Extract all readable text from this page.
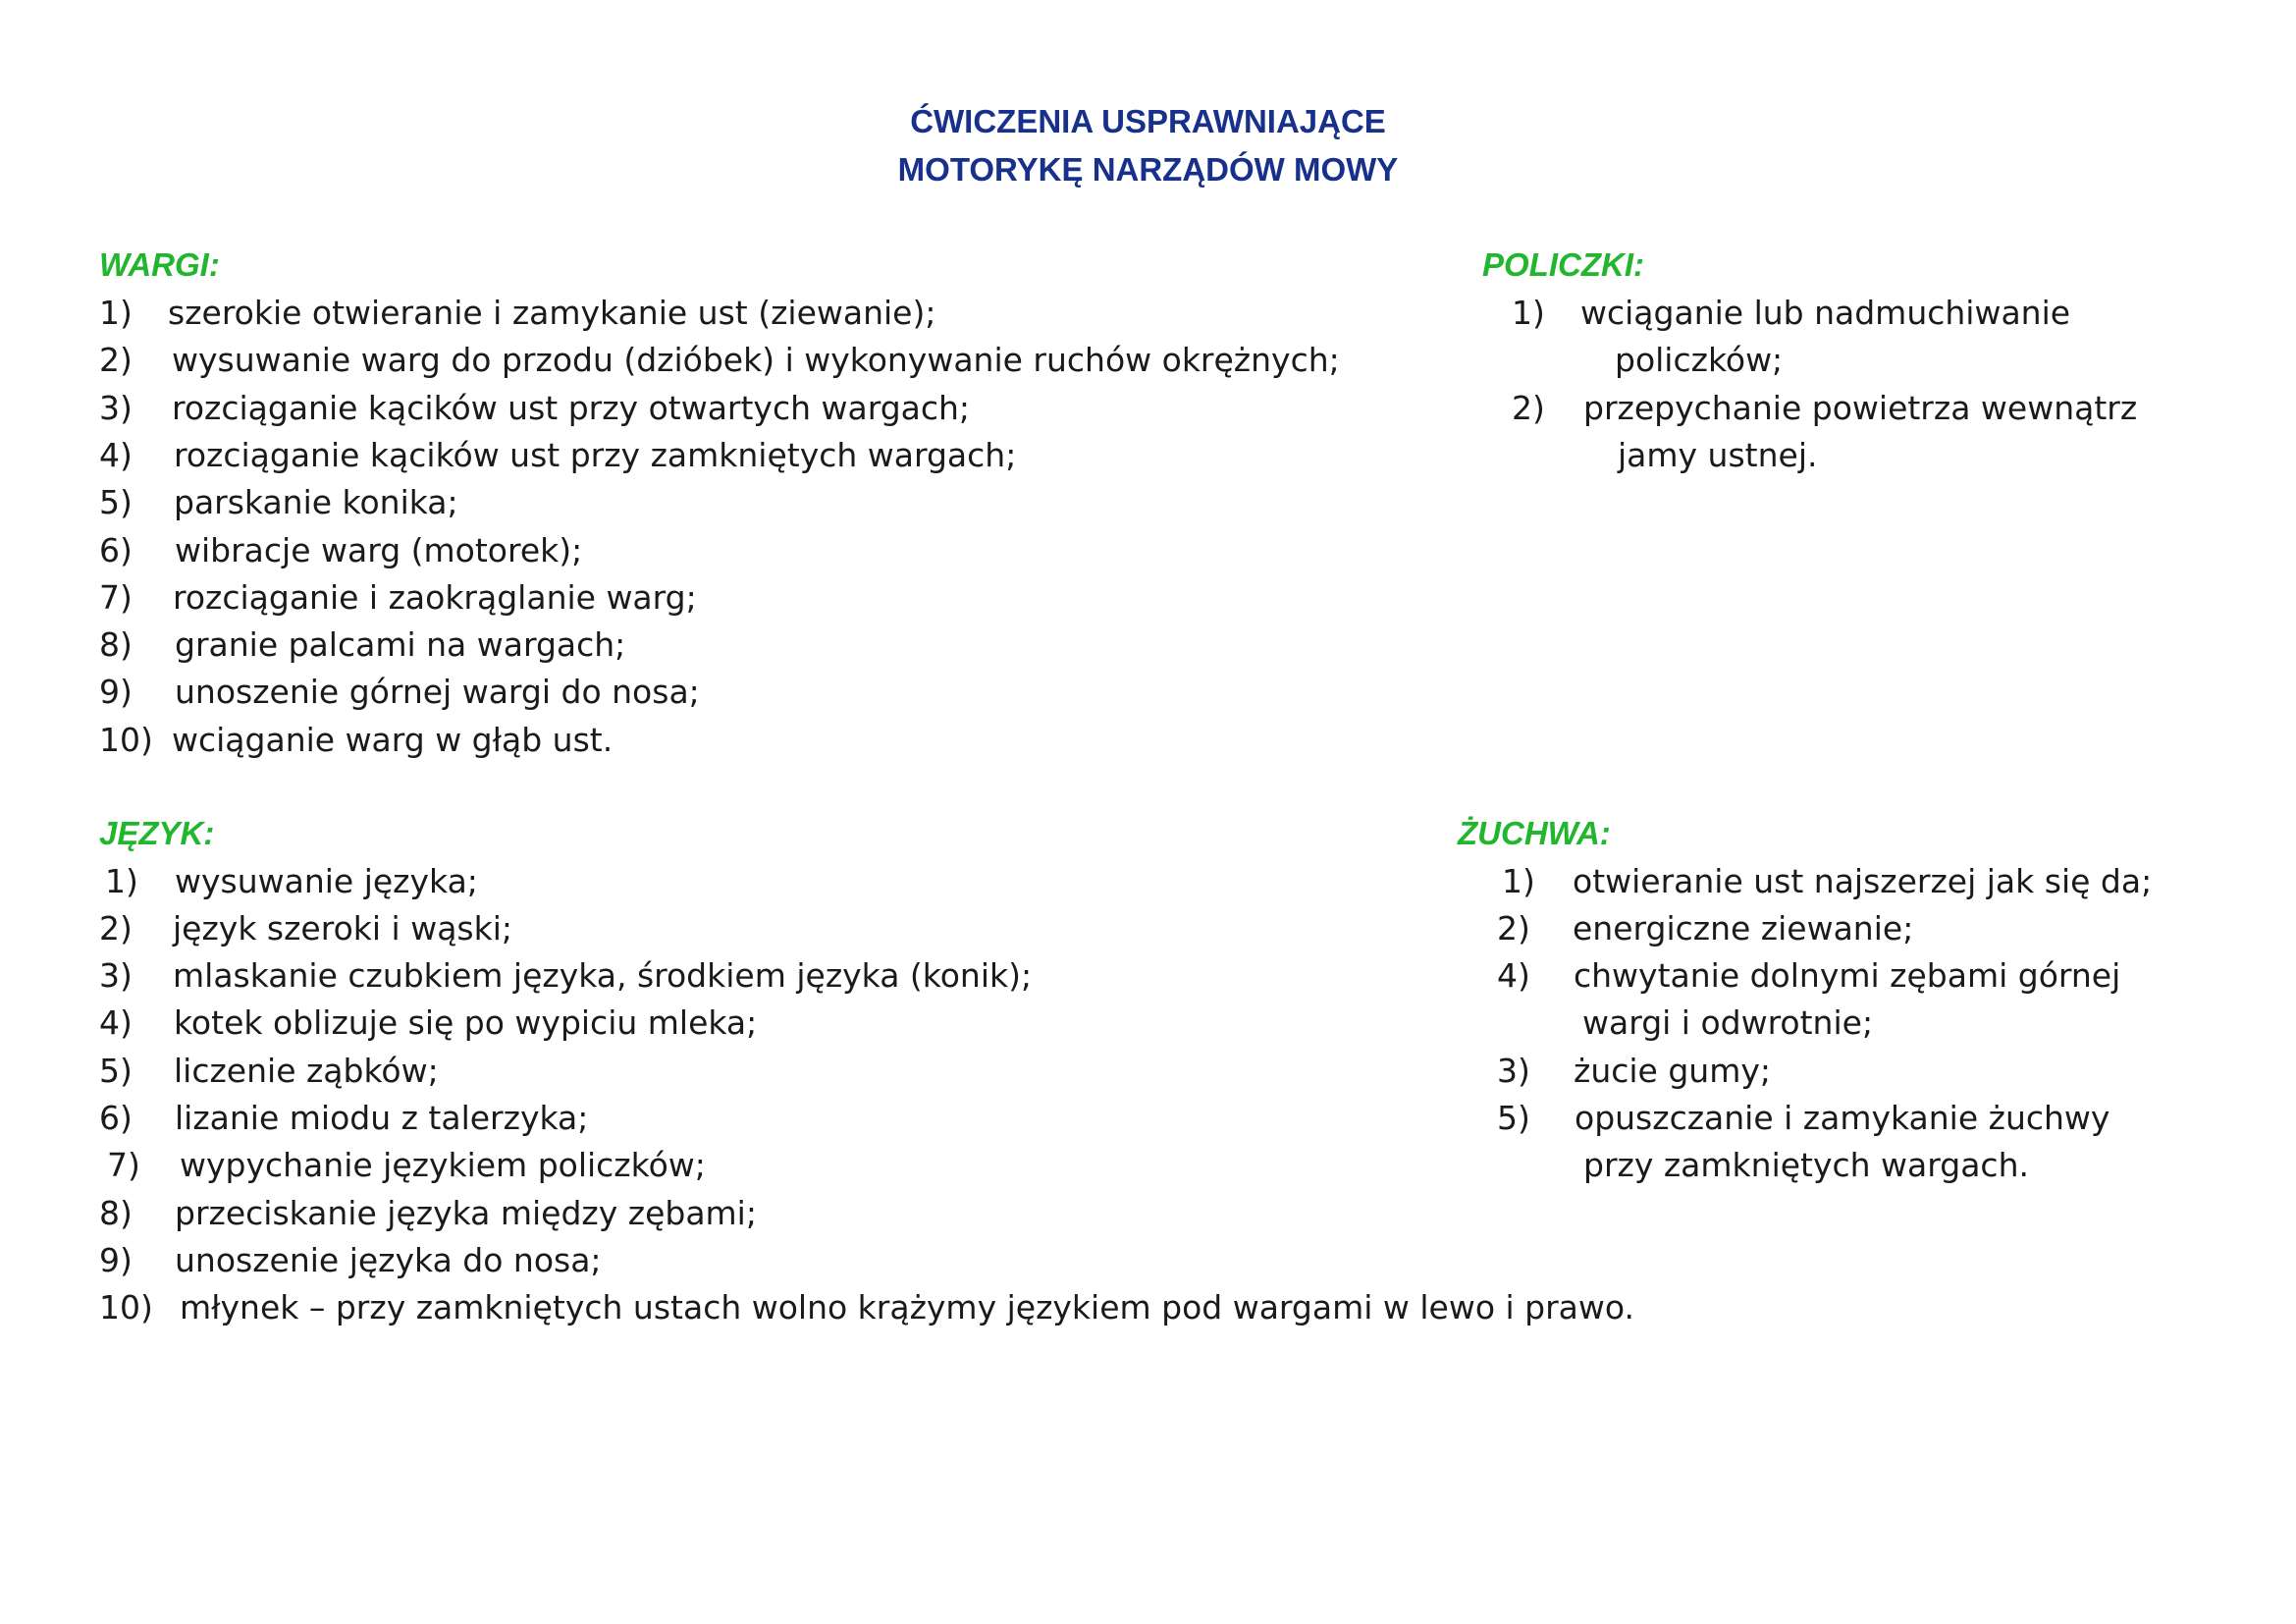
ĆWICZENIA USPRAWNIAJĄCE
MOTORYKĘ NARZĄDÓW MOWY
WARGI:
1) szerokie otwieranie i zamykanie ust (ziewanie);
2) wysuwanie warg do przodu (dzióbek) i wykonywanie ruchów okrężnych;
3) rozciąganie kącików ust przy otwartych wargach;
4) rozciąganie kącików ust przy zamkniętych wargach;
5) parskanie konika;
6) wibracje warg (motorek);
7) rozciąganie i zaokrąglanie warg;
8) granie palcami na wargach;
9) unoszenie górnej wargi do nosa;
10) wciąganie warg w głąb ust.
POLICZKI:
1) wciąganie lub nadmuchiwanie
policzków;
2) przepychanie powietrza wewnątrz
jamy ustnej.
JĘZYK:
1) wysuwanie języka;
2) język szeroki i wąski;
3) mlaskanie czubkiem języka, środkiem języka (konik);
4) kotek oblizuje się po wypiciu mleka;
5) liczenie ząbków;
6) lizanie miodu z talerzyka;
7) wypychanie językiem policzków;
8) przeciskanie języka między zębami;
9) unoszenie języka do nosa;
10) młynek – przy zamkniętych ustach wolno krążymy językiem pod wargami w lewo i prawo.
ŻUCHWA:
1) otwieranie ust najszerzej jak się da;
2) energiczne ziewanie;
4) chwytanie dolnymi zębami górnej
wargi i odwrotnie;
3) żucie gumy;
5) opuszczanie i zamykanie żuchwy
przy zamkniętych wargach.
